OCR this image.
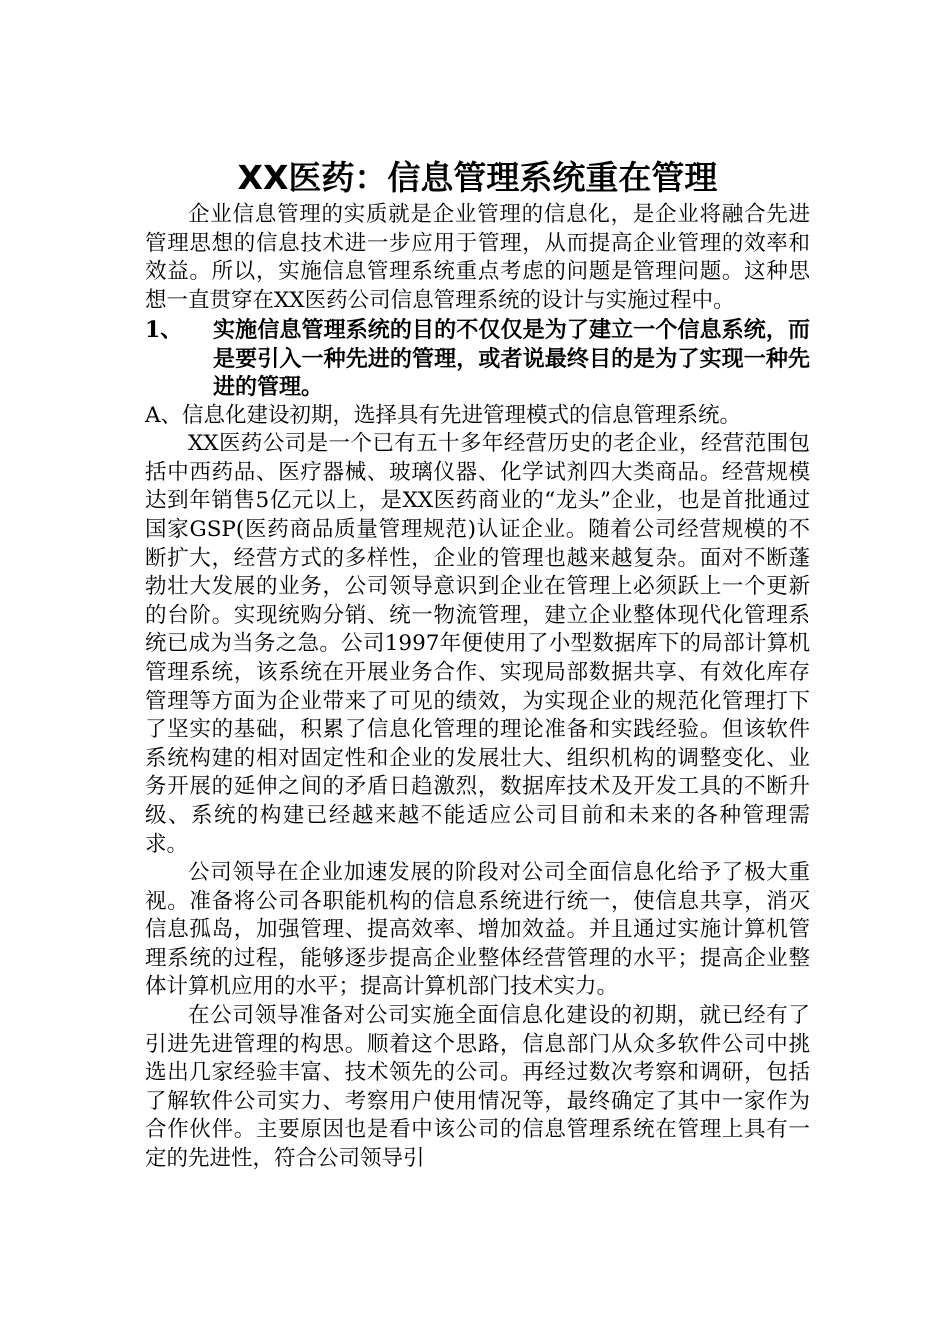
XX医药：信息管理系统重在管理

企业信息管理的实质就是企业管理的信息化，是企业将融合先进管理思想的信息技术进一步应用于管理，从而提高企业管理的效率和效益。所以，实施信息管理系统重点考虑的问题是管理问题。这种思想一直贯穿在XX医药公司信息管理系统的设计与实施过程中。

1、	实施信息管理系统的目的不仅仅是为了建立一个信息系统，而是要引入一种先进的管理，或者说最终目的是为了实现一种先进的管理。

A、信息化建设初期，选择具有先进管理模式的信息管理系统。

XX医药公司是一个已有五十多年经营历史的老企业，经营范围包括中西药品、医疗器械、玻璃仪器、化学试剂四大类商品。经营规模达到年销售5亿元以上，是XX医药商业的“龙头”企业，也是首批通过国家GSP(医药商品质量管理规范)认证企业。随着公司经营规模的不断扩大，经营方式的多样性，企业的管理也越来越复杂。面对不断蓬勃壮大发展的业务，公司领导意识到企业在管理上必须跃上一个更新的台阶。实现统购分销、统一物流管理，建立企业整体现代化管理系统已成为当务之急。公司1997年便使用了小型数据库下的局部计算机管理系统，该系统在开展业务合作、实现局部数据共享、有效化库存管理等方面为企业带来了可见的绩效，为实现企业的规范化管理打下了坚实的基础，积累了信息化管理的理论准备和实践经验。但该软件系统构建的相对固定性和企业的发展壮大、组织机构的调整变化、业务开展的延伸之间的矛盾日趋激烈，数据库技术及开发工具的不断升级、系统的构建已经越来越不能适应公司目前和未来的各种管理需求。

公司领导在企业加速发展的阶段对公司全面信息化给予了极大重视。准备将公司各职能机构的信息系统进行统一，使信息共享，消灭信息孤岛，加强管理、提高效率、增加效益。并且通过实施计算机管理系统的过程，能够逐步提高企业整体经营管理的水平；提高企业整体计算机应用的水平；提高计算机部门技术实力。

在公司领导准备对公司实施全面信息化建设的初期，就已经有了引进先进管理的构思。顺着这个思路，信息部门从众多软件公司中挑选出几家经验丰富、技术领先的公司。再经过数次考察和调研，包括了解软件公司实力、考察用户使用情况等，最终确定了其中一家作为合作伙伴。主要原因也是看中该公司的信息管理系统在管理上具有一定的先进性，符合公司领导引
